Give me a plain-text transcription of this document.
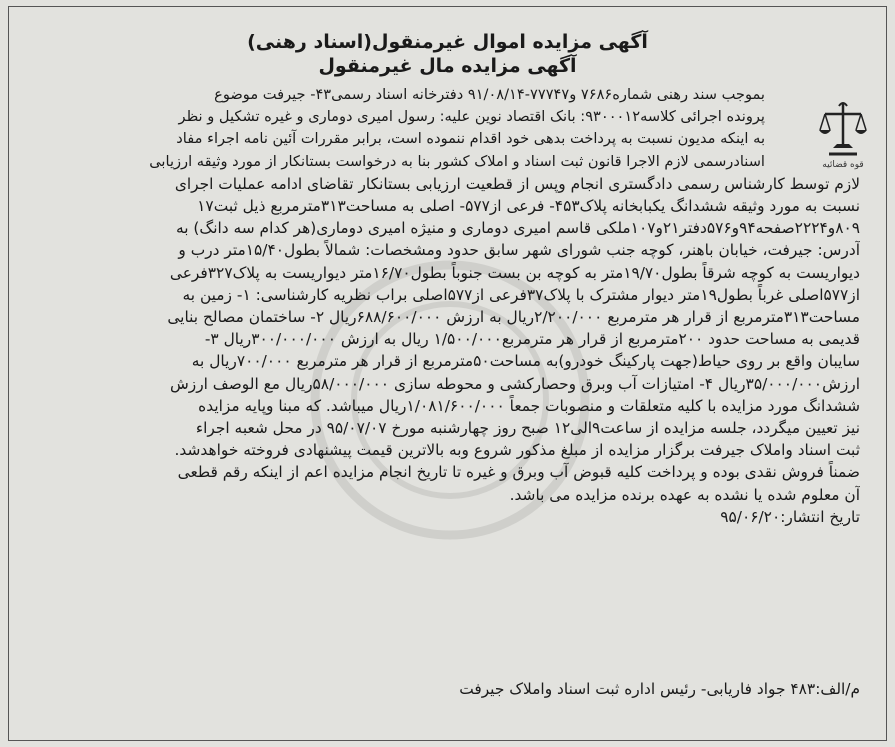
آگهی مزایده اموال غیرمنقول(اسناد رهنی)
آگهی مزایده مال غیرمنقول
قوه قضائیه
بموجب سند رهنی شماره۷۶۸۶ و۷۷۷۴۷-۹۱/۰۸/۱۴ دفترخانه اسناد رسمی۴۳- جیرفت موضوع
پرونده اجرائی کلاسه۹۳۰۰۰۱۲: بانک اقتصاد نوین علیه: رسول امیری دوماری و غیره تشکیل و نظر
به اینکه مدیون نسبت به پرداخت بدهی خود اقدام ننموده است، برابر مقررات آئین نامه اجراء مفاد
اسنادرسمی لازم الاجرا قانون ثبت اسناد و املاک کشور بنا به درخواست بستانکار از مورد وثیقه ارزیابی
لازم توسط کارشناس رسمی دادگستری انجام وپس از قطعیت ارزیابی بستانکار تقاضای ادامه عملیات اجرای
نسبت به مورد وثیقه ششدانگ یکبابخانه پلاک۴۵۳- فرعی از۵۷۷- اصلی به مساحت۳۱۳مترمربع ذیل ثبت۱۷
۸۰۹و۲۲۲۴صفحه۹۴و۵۷۶دفتر۲۱و۱۰۷ملکی قاسم امیری دوماری و منیژه امیری دوماری(هر کدام سه دانگ) به
آدرس: جیرفت، خیابان باهنر، کوچه جنب شورای شهر سابق حدود ومشخصات: شمالاً بطول۱۵/۴۰متر درب و
دیواریست به کوچه شرقاً بطول۱۹/۷۰متر به کوچه بن بست جنوباً بطول۱۶/۷۰متر دیواریست به پلاک۳۲۷فرعی
از۵۷۷اصلی غرباً بطول۱۹متر دیوار مشترک با پلاک۳۷فرعی از۵۷۷اصلی براب نظریه کارشناسی: ۱- زمین به
مساحت۳۱۳مترمربع از قرار هر مترمربع ۲/۲۰۰/۰۰۰ریال به ارزش ۶۸۸/۶۰۰/۰۰۰ریال ۲- ساختمان مصالح بنایی
قدیمی به مساحت حدود ۲۰۰مترمربع از قرار هر مترمربع۱/۵۰۰/۰۰۰ ریال به ارزش ۳۰۰/۰۰۰/۰۰۰ریال ۳-
سایبان واقع بر روی حیاط(جهت پارکینگ خودرو)به مساحت۵۰مترمربع از قرار هر مترمربع ۷۰۰/۰۰۰ریال به
ارزش۳۵/۰۰۰/۰۰۰ریال ۴- امتیازات آب وبرق وحصارکشی و محوطه سازی ۵۸/۰۰۰/۰۰۰ریال مع الوصف ارزش
ششدانگ مورد مزایده با کلیه متعلقات و منصوبات جمعاً ۱/۰۸۱/۶۰۰/۰۰۰ریال میباشد. که مبنا وپایه مزایده
نیز تعیین میگردد، جلسه مزایده از ساعت۹الی۱۲ صبح روز چهارشنبه مورخ ۹۵/۰۷/۰۷ در محل شعبه اجراء
ثبت اسناد واملاک جیرفت برگزار مزایده از مبلغ مذکور شروع وبه بالاترین قیمت پیشنهادی فروخته خواهدشد.
ضمناً فروش نقدی بوده و پرداخت کلیه قبوض آب وبرق و غیره تا تاریخ انجام مزایده اعم از اینکه رقم قطعی
آن معلوم شده یا نشده به عهده برنده مزایده می باشد.
تاریخ انتشار:۹۵/۰۶/۲۰
م/الف:۴۸۳ جواد فاریابی- رئیس اداره ثبت اسناد واملاک جیرفت
